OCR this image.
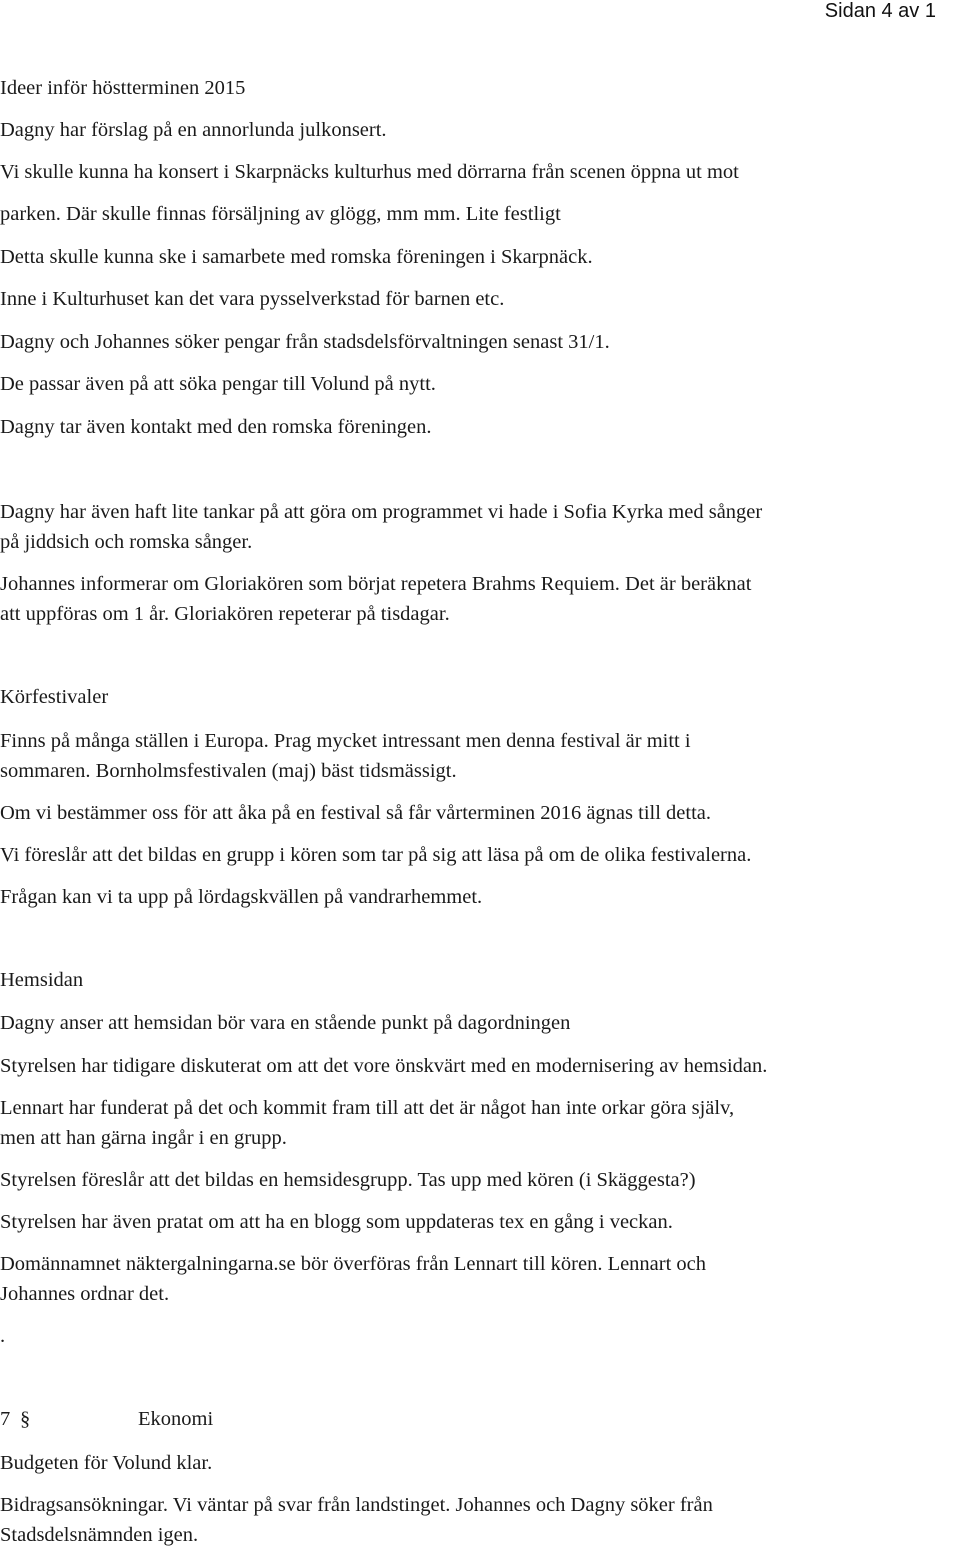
Sidan 4 av 1
Ideer inför höstterminen 2015
Dagny har förslag på en annorlunda julkonsert.
Vi skulle kunna ha konsert i Skarpnäcks kulturhus med dörrarna från scenen öppna ut mot
parken. Där skulle finnas försäljning av glögg, mm mm. Lite festligt
Detta skulle kunna ske i samarbete med romska föreningen i Skarpnäck.
Inne i Kulturhuset kan det vara pysselverkstad för barnen etc.
Dagny och Johannes söker pengar från stadsdelsförvaltningen senast 31/1.
De passar även på att söka pengar till Volund på nytt.
Dagny tar även kontakt med den romska föreningen.
Dagny har även haft lite tankar på att göra om programmet vi hade i Sofia Kyrka med sånger
på jiddsich och romska sånger.
Johannes informerar om Gloriakören som börjat repetera Brahms Requiem. Det är beräknat
att uppföras om 1 år. Gloriakören repeterar på tisdagar.
Körfestivaler
Finns på många ställen i Europa. Prag mycket intressant men denna festival är mitt i
sommaren. Bornholmsfestivalen (maj) bäst tidsmässigt.
Om vi bestämmer oss för att åka på en festival så får vårterminen 2016 ägnas till detta.
Vi föreslår att det bildas en grupp i kören som tar på sig att läsa på om de olika festivalerna.
Frågan kan vi ta upp på lördagskvällen på vandrarhemmet.
Hemsidan
Dagny anser att hemsidan bör vara en stående punkt på dagordningen
Styrelsen har tidigare diskuterat om att det vore önskvärt med en modernisering av hemsidan.
Lennart har funderat på det och kommit fram till att det är något han inte orkar göra själv,
men att han gärna ingår i en grupp.
Styrelsen föreslår att det bildas en hemsidesgrupp. Tas upp med kören (i Skäggesta?)
Styrelsen har även pratat om att ha en blogg som uppdateras tex en gång i veckan.
Domännamnet näktergalningarna.se bör överföras från Lennart till kören. Lennart och
Johannes ordnar det.
.
7 §	Ekonomi
Budgeten för Volund klar.
Bidragsansökningar. Vi väntar på svar från landstinget. Johannes och Dagny söker från
Stadsdelsnämnden igen.
